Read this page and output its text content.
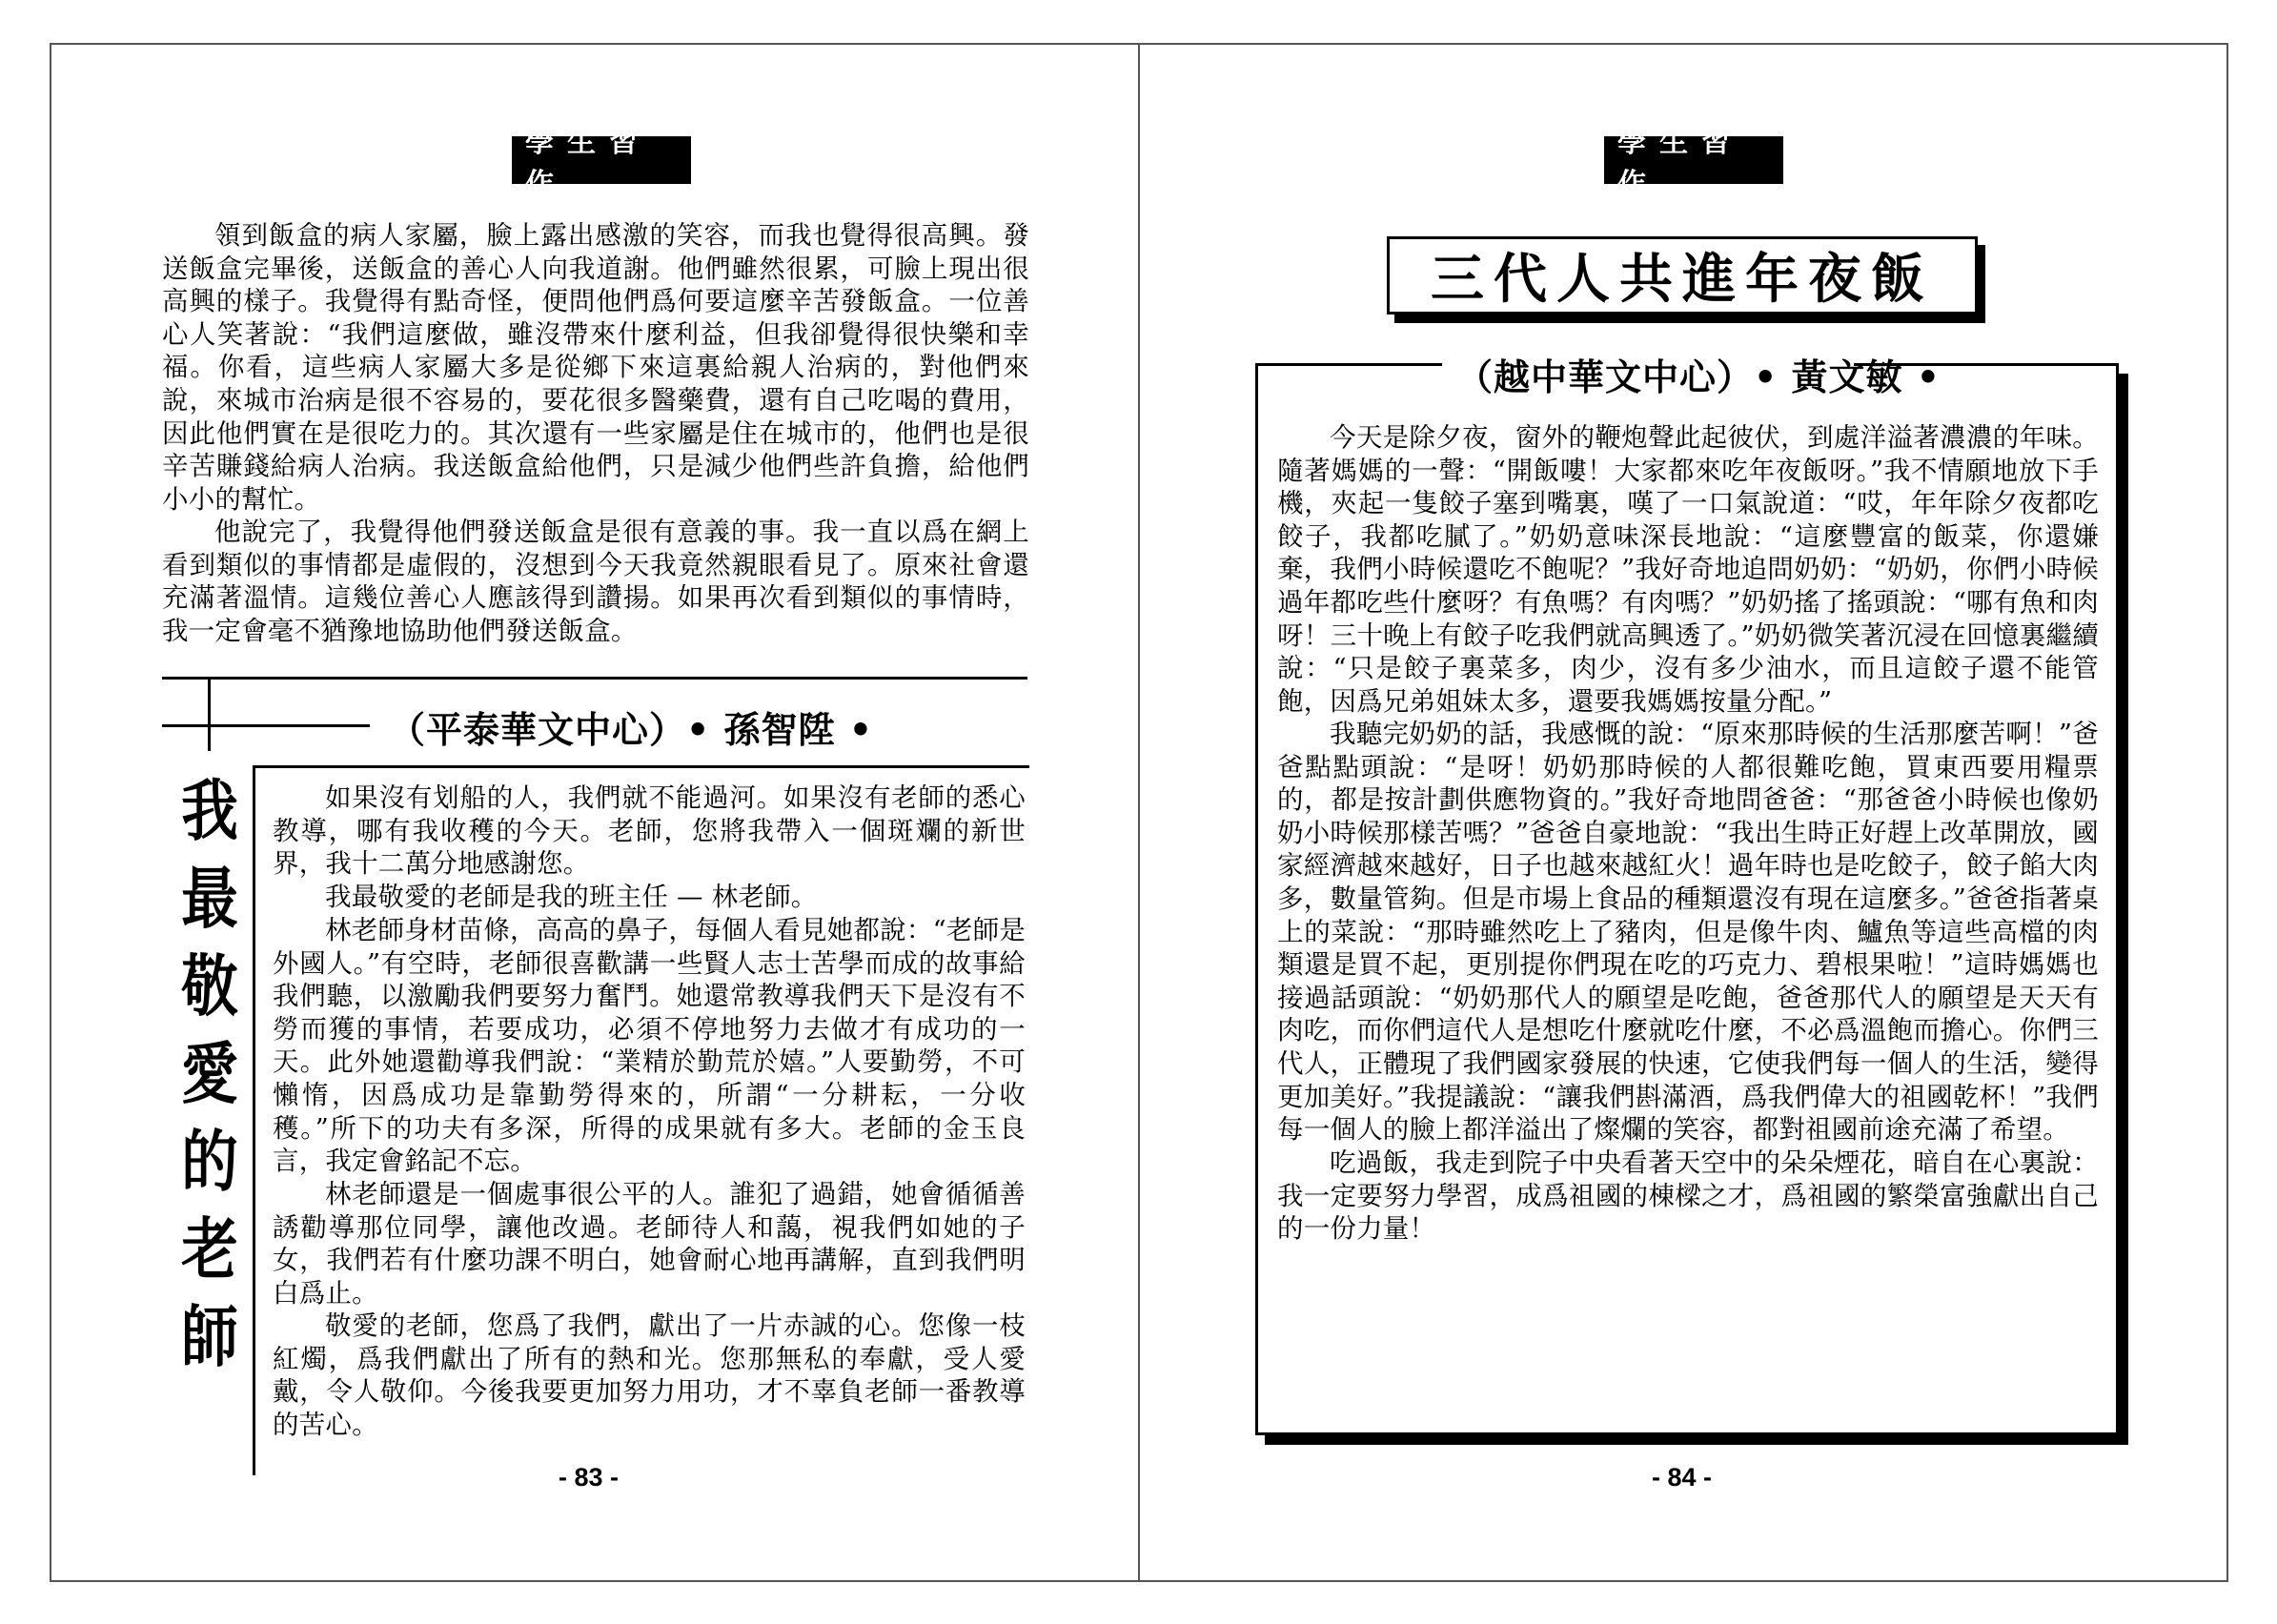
學生習作

領到飯盒的病人家屬，臉上露出感激的笑容，而我也覺得很高興。發送飯盒完畢後，送飯盒的善心人向我道謝。他們雖然很累，可臉上現出很高興的樣子。我覺得有點奇怪，便問他們爲何要這麼辛苦發飯盒。一位善心人笑著說：“我們這麼做，雖沒帶來什麼利益，但我卻覺得很快樂和幸福。你看，這些病人家屬大多是從鄉下來這裏給親人治病的，對他們來說，來城市治病是很不容易的，要花很多醫藥費，還有自己吃喝的費用，因此他們實在是很吃力的。其次還有一些家屬是住在城市的，他們也是很辛苦賺錢給病人治病。我送飯盒給他們，只是減少他們些許負擔，給他們小小的幫忙。

他說完了，我覺得他們發送飯盒是很有意義的事。我一直以爲在網上看到類似的事情都是虛假的，沒想到今天我竟然親眼看見了。原來社會還充滿著溫情。這幾位善心人應該得到讚揚。如果再次看到類似的事情時，我一定會毫不猶豫地協助他們發送飯盒。

（平泰華文中心）• 孫智陞 •
我
最
敬
愛
的
老
師

如果沒有划船的人，我們就不能過河。如果沒有老師的悉心教導，哪有我收穫的今天。老師，您將我帶入一個斑斕的新世界，我十二萬分地感謝您。

我最敬愛的老師是我的班主任 — 林老師。

林老師身材苗條，高高的鼻子，每個人看見她都說：“老師是外國人。”有空時，老師很喜歡講一些賢人志士苦學而成的故事給我們聽，以激勵我們要努力奮鬥。她還常教導我們天下是沒有不勞而獲的事情，若要成功，必須不停地努力去做才有成功的一天。此外她還勸導我們說：“業精於勤荒於嬉。”人要勤勞，不可懶惰，因爲成功是靠勤勞得來的，所謂“一分耕耘，一分收穫。”所下的功夫有多深，所得的成果就有多大。老師的金玉良言，我定會銘記不忘。

林老師還是一個處事很公平的人。誰犯了過錯，她會循循善誘勸導那位同學，讓他改過。老師待人和藹，視我們如她的子女，我們若有什麼功課不明白，她會耐心地再講解，直到我們明白爲止。

敬愛的老師，您爲了我們，獻出了一片赤誠的心。您像一枝紅燭，爲我們獻出了所有的熱和光。您那無私的奉獻，受人愛戴，令人敬仰。今後我要更加努力用功，才不辜負老師一番教導的苦心。

- 83 -
學生習作
三代人共進年夜飯
（越中華文中心）• 黃文敏 •

今天是除夕夜，窗外的鞭炮聲此起彼伏，到處洋溢著濃濃的年味。隨著媽媽的一聲：“開飯嘍！大家都來吃年夜飯呀。”我不情願地放下手機，夾起一隻餃子塞到嘴裏，嘆了一口氣說道：“哎，年年除夕夜都吃餃子，我都吃膩了。”奶奶意味深長地說：“這麼豐富的飯菜，你還嫌棄，我們小時候還吃不飽呢？”我好奇地追問奶奶：“奶奶，你們小時候過年都吃些什麼呀？有魚嗎？有肉嗎？”奶奶搖了搖頭說：“哪有魚和肉呀！三十晚上有餃子吃我們就高興透了。”奶奶微笑著沉浸在回憶裏繼續說：“只是餃子裏菜多，肉少，沒有多少油水，而且這餃子還不能管飽，因爲兄弟姐妹太多，還要我媽媽按量分配。”

我聽完奶奶的話，我感慨的說：“原來那時候的生活那麼苦啊！”爸爸點點頭說：“是呀！奶奶那時候的人都很難吃飽，買東西要用糧票的，都是按計劃供應物資的。”我好奇地問爸爸：“那爸爸小時候也像奶奶小時候那樣苦嗎？”爸爸自豪地說：“我出生時正好趕上改革開放，國家經濟越來越好，日子也越來越紅火！過年時也是吃餃子，餃子餡大肉多，數量管夠。但是市場上食品的種類還沒有現在這麼多。”爸爸指著桌上的菜說：“那時雖然吃上了豬肉，但是像牛肉、鱸魚等這些高檔的肉類還是買不起，更別提你們現在吃的巧克力、碧根果啦！”這時媽媽也接過話頭說：“奶奶那代人的願望是吃飽，爸爸那代人的願望是天天有肉吃，而你們這代人是想吃什麼就吃什麼，不必爲溫飽而擔心。你們三代人，正體現了我們國家發展的快速，它使我們每一個人的生活，變得更加美好。”我提議說：“讓我們斟滿酒，爲我們偉大的祖國乾杯！”我們每一個人的臉上都洋溢出了燦爛的笑容，都對祖國前途充滿了希望。

吃過飯，我走到院子中央看著天空中的朵朵煙花，暗自在心裏說：我一定要努力學習，成爲祖國的棟樑之才，爲祖國的繁榮富強獻出自己的一份力量！

- 84 -
